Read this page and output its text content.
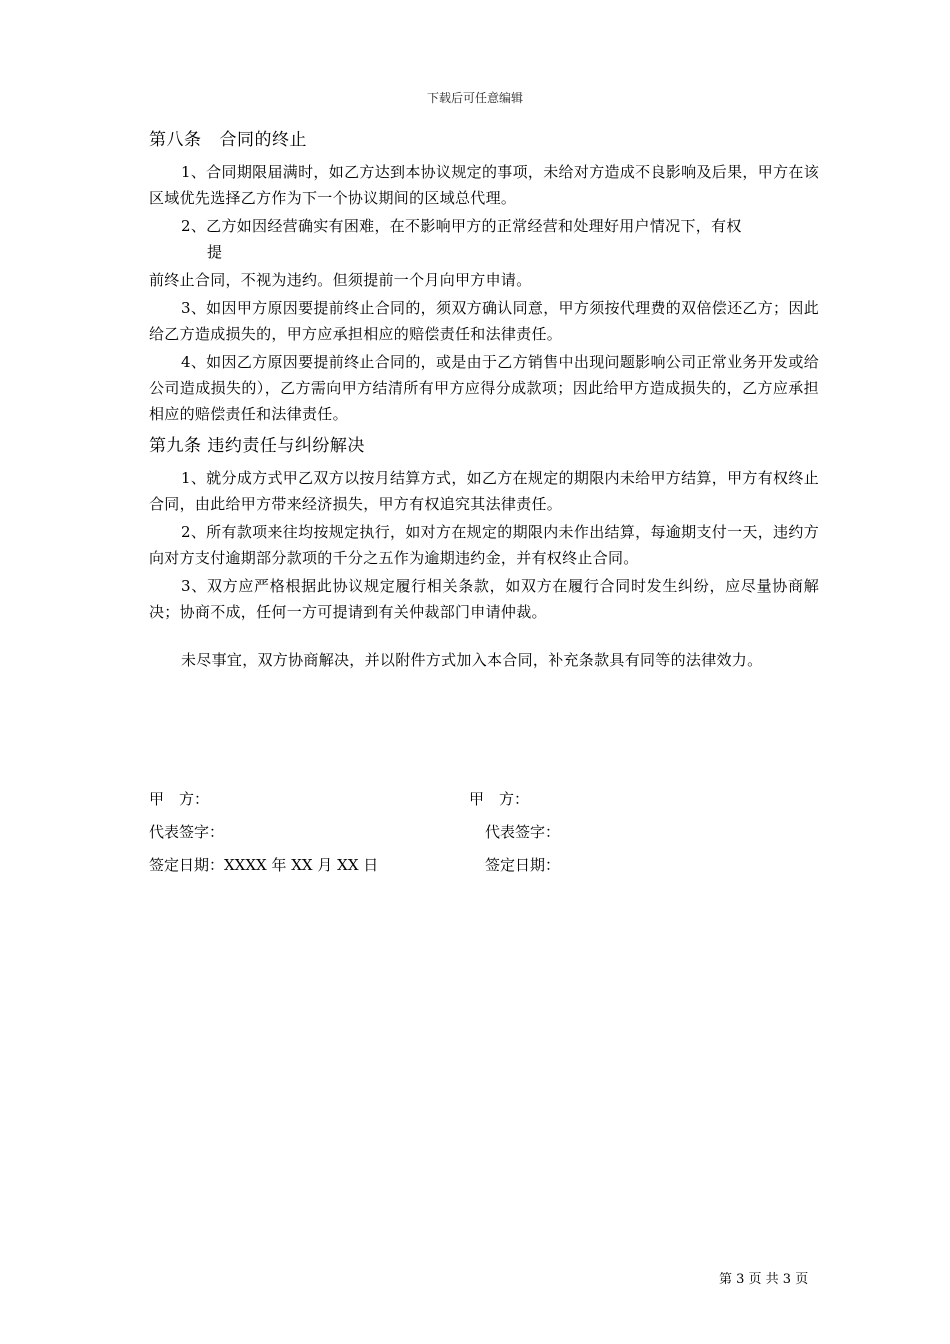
下载后可任意编辑
第八条 合同的终止

1、合同期限届满时，如乙方达到本协议规定的事项，未给对方造成不良影响及后果，甲方在该区域优先选择乙方作为下一个协议期间的区域总代理。

2、乙方如因经营确实有困难，在不影响甲方的正常经营和处理好用户情况下，有权

提

前终止合同，不视为违约。但须提前一个月向甲方申请。

3、如因甲方原因要提前终止合同的，须双方确认同意，甲方须按代理费的双倍偿还乙方；因此给乙方造成损失的，甲方应承担相应的赔偿责任和法律责任。

4、如因乙方原因要提前终止合同的，或是由于乙方销售中出现问题影响公司正常业务开发或给公司造成损失的），乙方需向甲方结清所有甲方应得分成款项；因此给甲方造成损失的，乙方应承担相应的赔偿责任和法律责任。

第九条 违约责任与纠纷解决

1、就分成方式甲乙双方以按月结算方式，如乙方在规定的期限内未给甲方结算，甲方有权终止合同，由此给甲方带来经济损失，甲方有权追究其法律责任。

2、所有款项来往均按规定执行，如对方在规定的期限内未作出结算，每逾期支付一天，违约方向对方支付逾期部分款项的千分之五作为逾期违约金，并有权终止合同。

3、双方应严格根据此协议规定履行相关条款，如双方在履行合同时发生纠纷，应尽量协商解决；协商不成，任何一方可提请到有关仲裁部门申请仲裁。

未尽事宜，双方协商解决，并以附件方式加入本合同，补充条款具有同等的法律效力。

甲　方：	甲　方：
代表签字：	代表签字：
签定日期：XXXX 年 XX 月 XX 日	签定日期：
第 3 页 共 3 页
